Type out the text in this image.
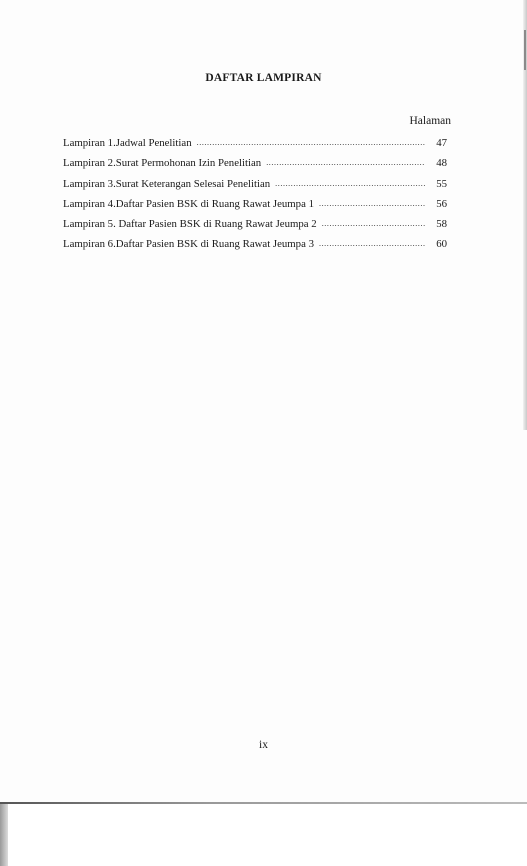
DAFTAR LAMPIRAN
Halaman
Lampiran 1.Jadwal Penelitian .....	47
Lampiran 2.Surat Permohonan Izin Penelitian .....	48
Lampiran 3.Surat Keterangan Selesai Penelitian .....	55
Lampiran 4.Daftar Pasien BSK di Ruang Rawat Jeumpa 1 .....	56
Lampiran 5. Daftar Pasien BSK di Ruang Rawat Jeumpa 2 .....	58
Lampiran 6.Daftar Pasien BSK di Ruang Rawat Jeumpa 3 .....	60
ix
